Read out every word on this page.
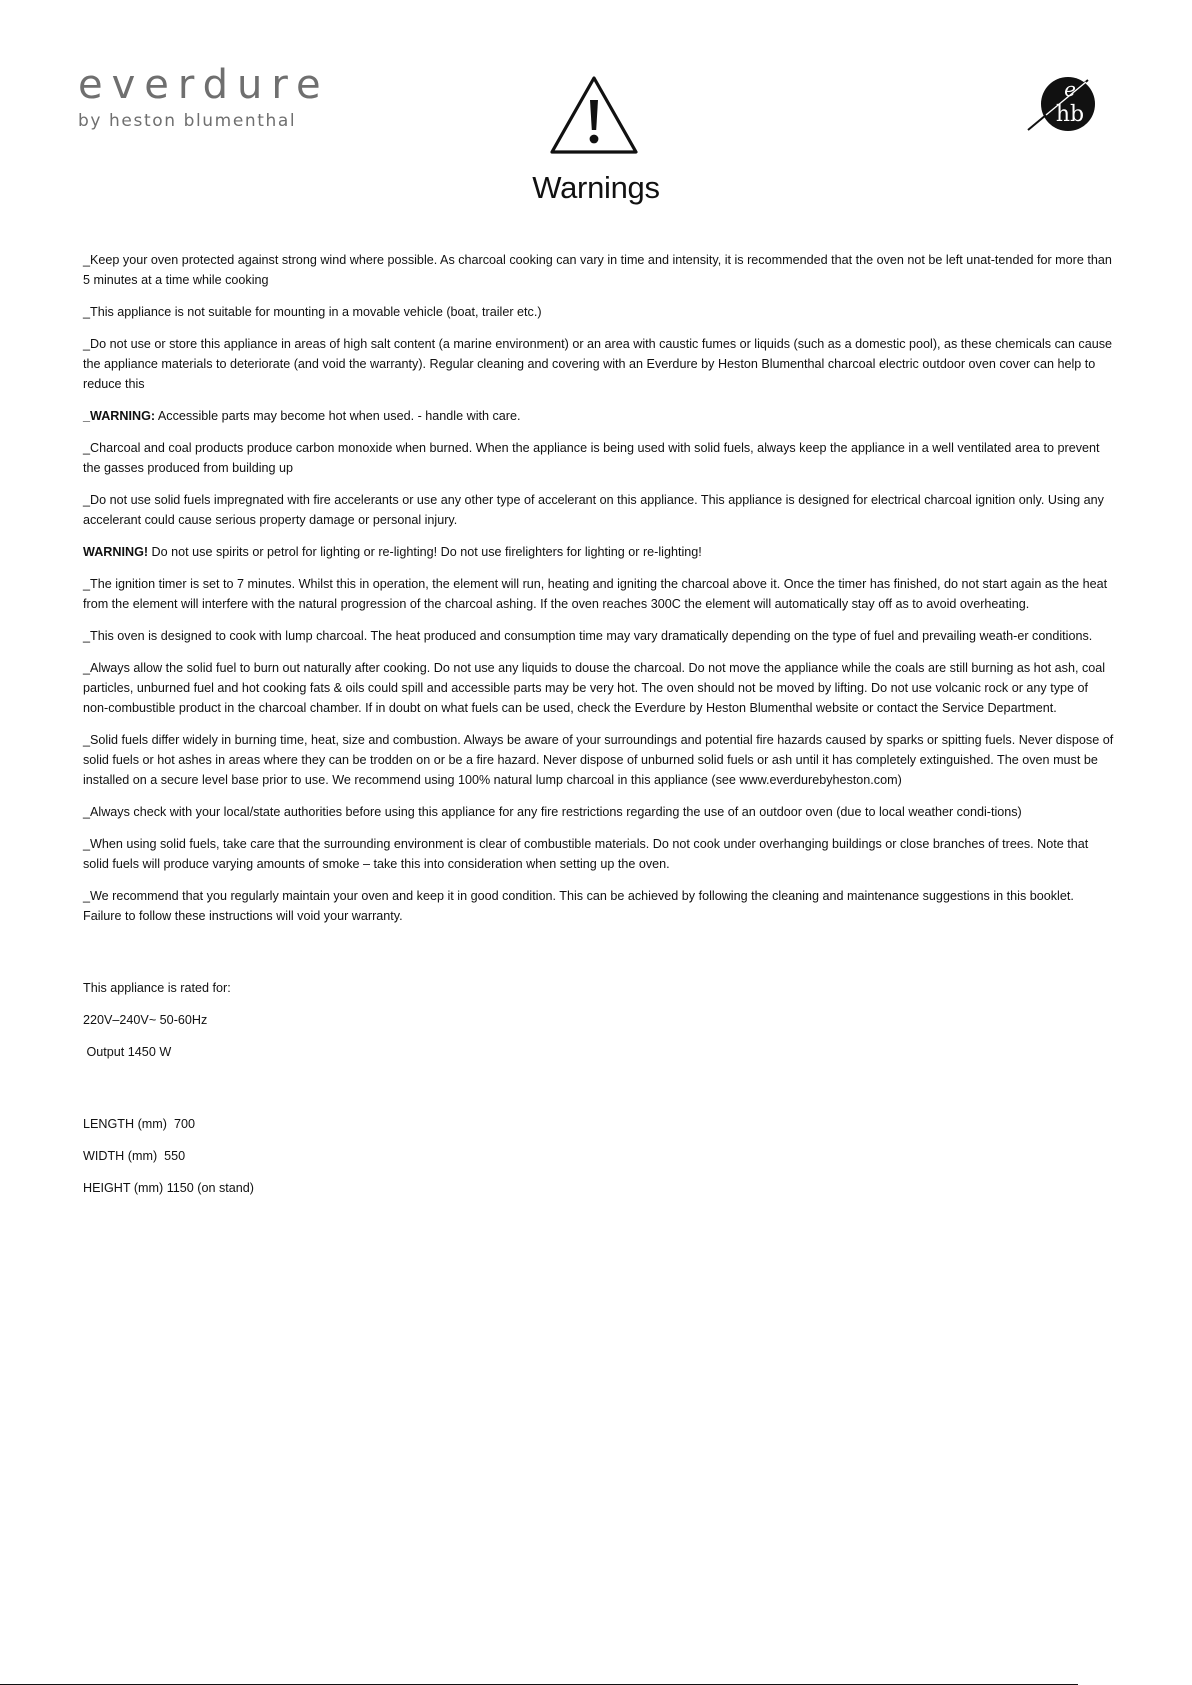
everdure
by heston blumenthal
Warnings
e
hb

_Keep your oven protected against strong wind where possible. As charcoal cooking can vary in time and intensity, it is recommended that the oven not be left unat-tended for more than 5 minutes at a time while cooking

_This appliance is not suitable for mounting in a movable vehicle (boat, trailer etc.)

_Do not use or store this appliance in areas of high salt content (a marine environment) or an area with caustic fumes or liquids (such as a domestic pool), as these chemicals can cause the appliance materials to deteriorate (and void the warranty). Regular cleaning and covering with an Everdure by Heston Blumenthal charcoal electric outdoor oven cover can help to reduce this

_WARNING: Accessible parts may become hot when used. - handle with care.

_Charcoal and coal products produce carbon monoxide when burned. When the appliance is being used with solid fuels, always keep the appliance in a well ventilated area to prevent the gasses produced from building up

_Do not use solid fuels impregnated with fire accelerants or use any other type of accelerant on this appliance. This appliance is designed for electrical charcoal ignition only. Using any accelerant could cause serious property damage or personal injury.

WARNING! Do not use spirits or petrol for lighting or re-lighting! Do not use firelighters for lighting or re-lighting!

_The ignition timer is set to 7 minutes. Whilst this in operation, the element will run, heating and igniting the charcoal above it. Once the timer has finished, do not start again as the heat from the element will interfere with the natural progression of the charcoal ashing. If the oven reaches 300C the element will automatically stay off as to avoid overheating.

_This oven is designed to cook with lump charcoal. The heat produced and consumption time may vary dramatically depending on the type of fuel and prevailing weath-er conditions.

_Always allow the solid fuel to burn out naturally after cooking. Do not use any liquids to douse the charcoal. Do not move the appliance while the coals are still burning as hot ash, coal particles, unburned fuel and hot cooking fats & oils could spill and accessible parts may be very hot. The oven should not be moved by lifting. Do not use volcanic rock or any type of non-combustible product in the charcoal chamber. If in doubt on what fuels can be used, check the Everdure by Heston Blumenthal website or contact the Service Department.

_Solid fuels differ widely in burning time, heat, size and combustion. Always be aware of your surroundings and potential fire hazards caused by sparks or spitting fuels. Never dispose of solid fuels or hot ashes in areas where they can be trodden on or be a fire hazard. Never dispose of unburned solid fuels or ash until it has completely extinguished. The oven must be installed on a secure level base prior to use. We recommend using 100% natural lump charcoal in this appliance (see www.everdurebyheston.com)

_Always check with your local/state authorities before using this appliance for any fire restrictions regarding the use of an outdoor oven (due to local weather condi-tions)

_When using solid fuels, take care that the surrounding environment is clear of combustible materials. Do not cook under overhanging buildings or close branches of trees. Note that solid fuels will produce varying amounts of smoke – take this into consideration when setting up the oven.

_We recommend that you regularly maintain your oven and keep it in good condition. This can be achieved by following the cleaning and maintenance suggestions in this booklet. Failure to follow these instructions will void your warranty.

This appliance is rated for:

220V–240V~ 50-60Hz

Output 1450 W

LENGTH (mm)  700

WIDTH (mm)  550

HEIGHT (mm) 1150 (on stand)
